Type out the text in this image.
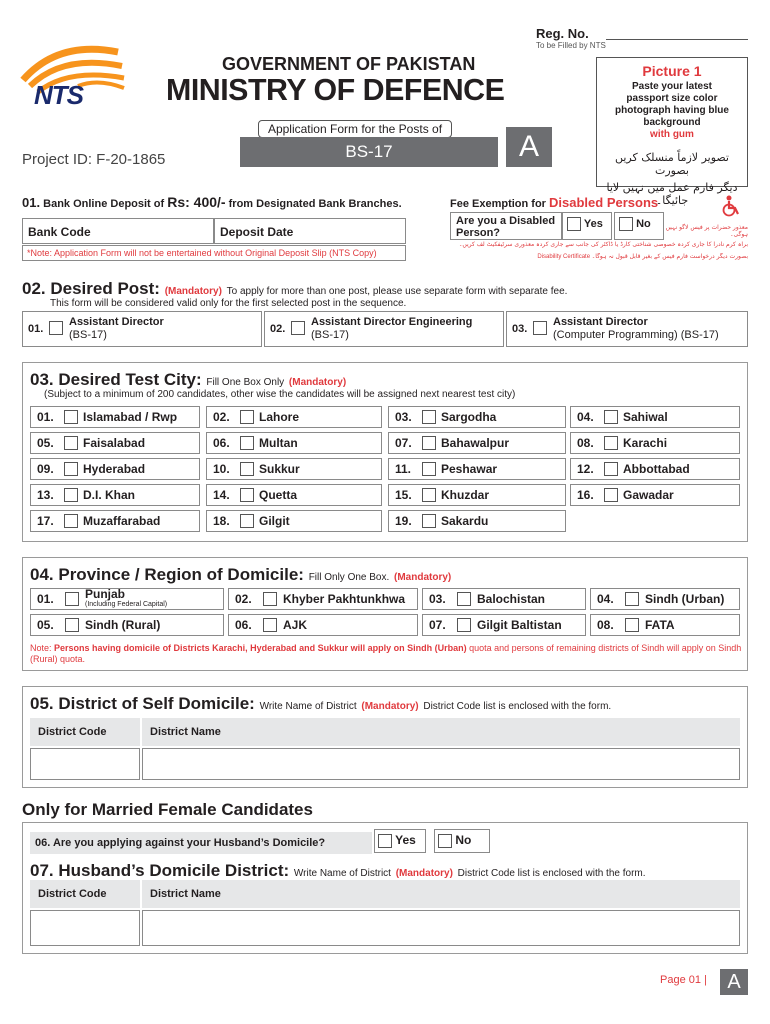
Reg. No.
To be Filled by NTS
NTS
GOVERNMENT OF PAKISTAN
MINISTRY OF DEFENCE
Application Form for the Posts of
BS-17	A
Project ID: F-20-1865
Picture 1
Paste your latest passport size color photograph having blue background
with gum
تصویر لازماً منسلک کریں بصورت
دیگر فارم عمل میں نہیں لایا جائیگا۔
01. Bank Online Deposit of Rs: 400/- from Designated Bank Branches.
Bank Code	Deposit Date
*Note: Application Form will not be entertained without Original Deposit Slip (NTS Copy)
Fee Exemption for Disabled Persons
Are you a Disabled Person?
Yes	No	معذور حضرات پر فیس لاگو نہیں ہوگی۔
براہ کرم نادرا کا جاری کردہ خصوصی شناختی کارڈ یا ڈاکٹر کی جانب سے جاری کردہ معذوری سرٹیفکیٹ لف کریں۔
بصورت دیگر درخواست فارم فیس کے بغیر قابل قبول نہ ہوگا۔ Disability Certificate
02. Desired Post: (Mandatory) To apply for more than one post, please use separate form with separate fee.
This form will be considered valid only for the first selected post in the sequence.
01.
Assistant Director
(BS-17)	02.
Assistant Director Engineering
(BS-17)	03.
Assistant Director
(Computer Programming) (BS-17)
03. Desired Test City: Fill One Box Only (Mandatory)
(Subject to a minimum of 200 candidates, other wise the candidates will be assigned next nearest test city)
01.	Islamabad / Rwp	02.	Lahore	03.	Sargodha	04.	Sahiwal
05.	Faisalabad	06.	Multan	07.	Bahawalpur	08.	Karachi
09.	Hyderabad	10.	Sukkur	11.	Peshawar	12.	Abbottabad
13.	D.I. Khan	14.	Quetta	15.	Khuzdar	16.	Gawadar
17.	Muzaffarabad	18.	Gilgit	19.	Sakardu
04. Province / Region of Domicile: Fill Only One Box. (Mandatory)
01.	Punjab
(Including Federal Capital)	02.	Khyber Pakhtunkhwa 03.	Balochistan	04.	Sindh (Urban)
05.	Sindh (Rural)	06.	AJK	07.	Gilgit Baltistan	08.	FATA
Note: Persons having domicile of Districts Karachi, Hyderabad and Sukkur will apply on Sindh (Urban) quota and persons of remaining districts of Sindh will apply on Sindh (Rural) quota.
05. District of Self Domicile: Write Name of District (Mandatory) District Code list is enclosed with the form.
District Code	District Name
Only for Married Female Candidates
06. Are you applying against your Husband’s Domicile?	Yes	No
07. Husband’s Domicile District: Write Name of District (Mandatory) District Code list is enclosed with the form.
District Code	District Name
Page 01 |	A
